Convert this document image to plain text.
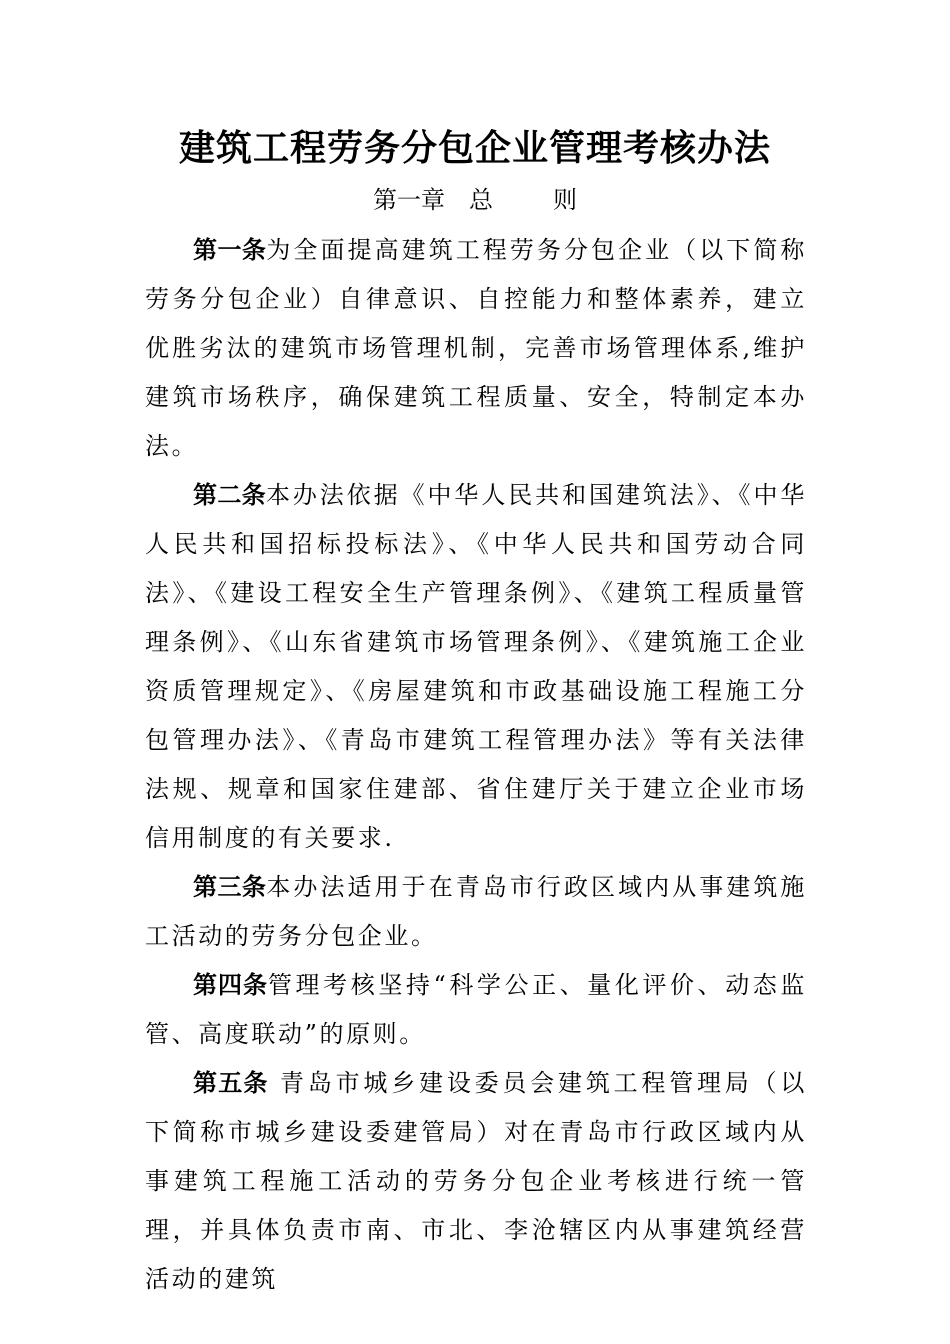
建筑工程劳务分包企业管理考核办法
第一章 总	则

第一条为全面提高建筑工程劳务分包企业（以下简称劳务分包企业）自律意识、自控能力和整体素养，建立优胜劣汰的建筑市场管理机制，完善市场管理体系,维护建筑市场秩序，确保建筑工程质量、安全，特制定本办法。

第二条本办法依据《中华人民共和国建筑法》、《中华人民共和国招标投标法》、《中华人民共和国劳动合同法》、《建设工程安全生产管理条例》、《建筑工程质量管理条例》、《山东省建筑市场管理条例》、《建筑施工企业资质管理规定》、《房屋建筑和市政基础设施工程施工分包管理办法》、《青岛市建筑工程管理办法》等有关法律法规、规章和国家住建部、省住建厅关于建立企业市场信用制度的有关要求.

第三条本办法适用于在青岛市行政区域内从事建筑施工活动的劳务分包企业。

第四条管理考核坚持“科学公正、量化评价、动态监管、高度联动”的原则。

第五条 青岛市城乡建设委员会建筑工程管理局（以下简称市城乡建设委建管局）对在青岛市行政区域内从事建筑工程施工活动的劳务分包企业考核进行统一管理，并具体负责市南、市北、李沧辖区内从事建筑经营活动的建筑
